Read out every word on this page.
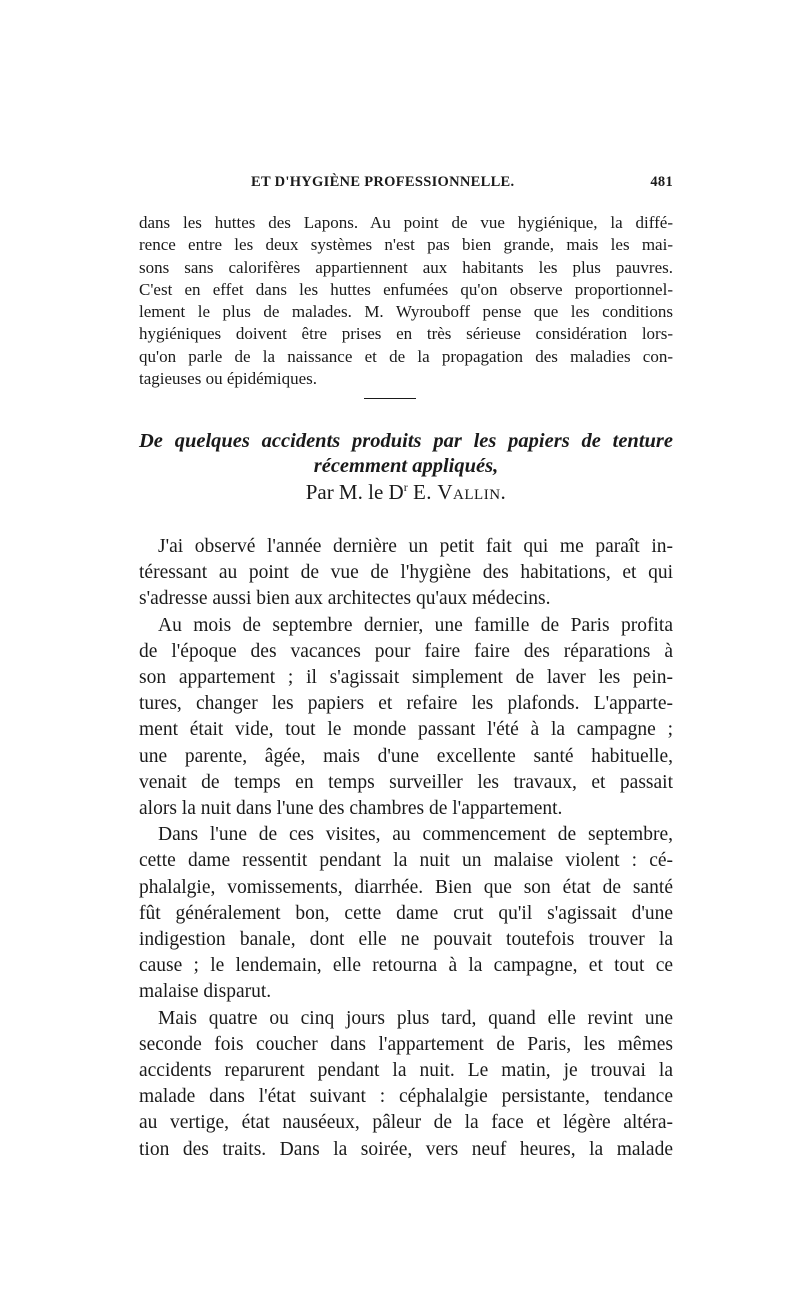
ET D'HYGIÈNE PROFESSIONNELLE.	481
dans les huttes des Lapons. Au point de vue hygiénique, la diffé-
rence entre les deux systèmes n'est pas bien grande, mais les mai-
sons sans calorifères appartiennent aux habitants les plus pauvres.
C'est en effet dans les huttes enfumées qu'on observe proportionnel-
lement le plus de malades. M. Wyrouboff pense que les conditions
hygiéniques doivent être prises en très sérieuse considération lors-
qu'on parle de la naissance et de la propagation des maladies con-
tagieuses ou épidémiques.
De quelques accidents produits par les papiers de tenture
récemment appliqués,
Par M. le $D^r$ E. Vallin.

J'ai observé l'année dernière un petit fait qui me paraît in-
téressant au point de vue de l'hygiène des habitations, et qui
s'adresse aussi bien aux architectes qu'aux médecins.

Au mois de septembre dernier, une famille de Paris profita
de l'époque des vacances pour faire faire des réparations à
son appartement ; il s'agissait simplement de laver les pein-
tures, changer les papiers et refaire les plafonds. L'apparte-
ment était vide, tout le monde passant l'été à la campagne ;
une parente, âgée, mais d'une excellente santé habituelle,
venait de temps en temps surveiller les travaux, et passait
alors la nuit dans l'une des chambres de l'appartement.

Dans l'une de ces visites, au commencement de septembre,
cette dame ressentit pendant la nuit un malaise violent : cé-
phalalgie, vomissements, diarrhée. Bien que son état de santé
fût généralement bon, cette dame crut qu'il s'agissait d'une
indigestion banale, dont elle ne pouvait toutefois trouver la
cause ; le lendemain, elle retourna à la campagne, et tout ce
malaise disparut.

Mais quatre ou cinq jours plus tard, quand elle revint une
seconde fois coucher dans l'appartement de Paris, les mêmes
accidents reparurent pendant la nuit. Le matin, je trouvai la
malade dans l'état suivant : céphalalgie persistante, tendance
au vertige, état nauséeux, pâleur de la face et légère altéra-
tion des traits. Dans la soirée, vers neuf heures, la malade
